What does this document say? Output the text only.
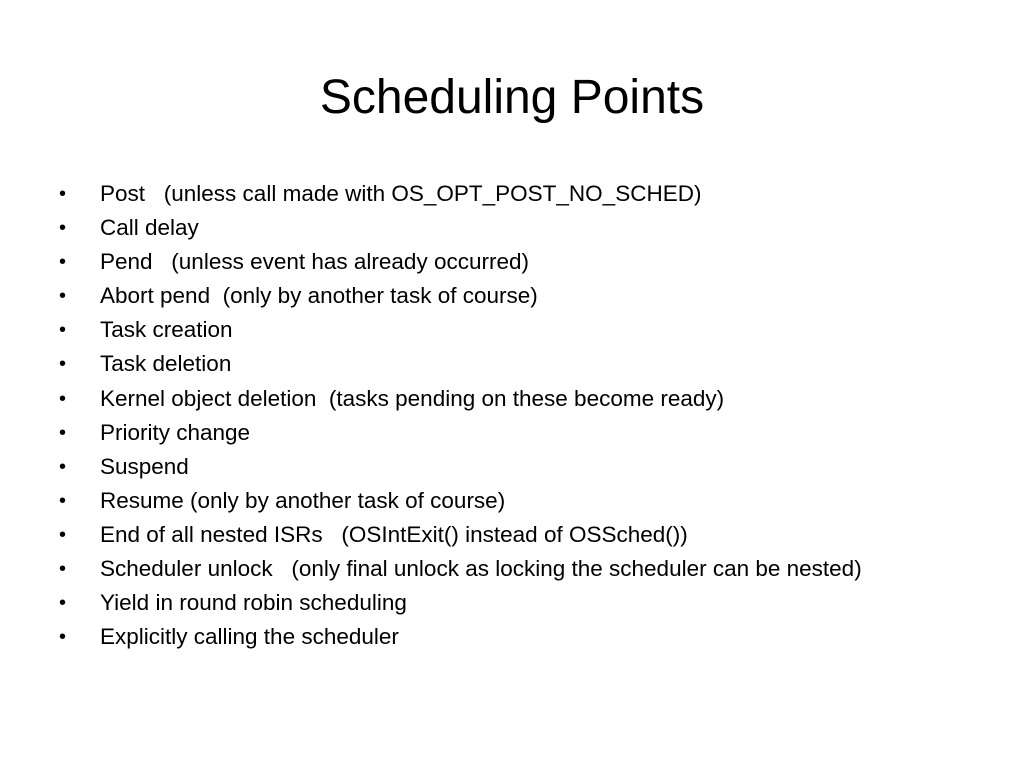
Scheduling Points
• Post   (unless call made with OS_OPT_POST_NO_SCHED)
• Call delay
• Pend   (unless event has already occurred)
• Abort pend  (only by another task of course)
• Task creation
• Task deletion
• Kernel object deletion  (tasks pending on these become ready)
• Priority change
• Suspend
• Resume (only by another task of course)
• End of all nested ISRs   (OSIntExit() instead of OSSched())
• Scheduler unlock   (only final unlock as locking the scheduler can be nested)
• Yield in round robin scheduling
• Explicitly calling the scheduler
